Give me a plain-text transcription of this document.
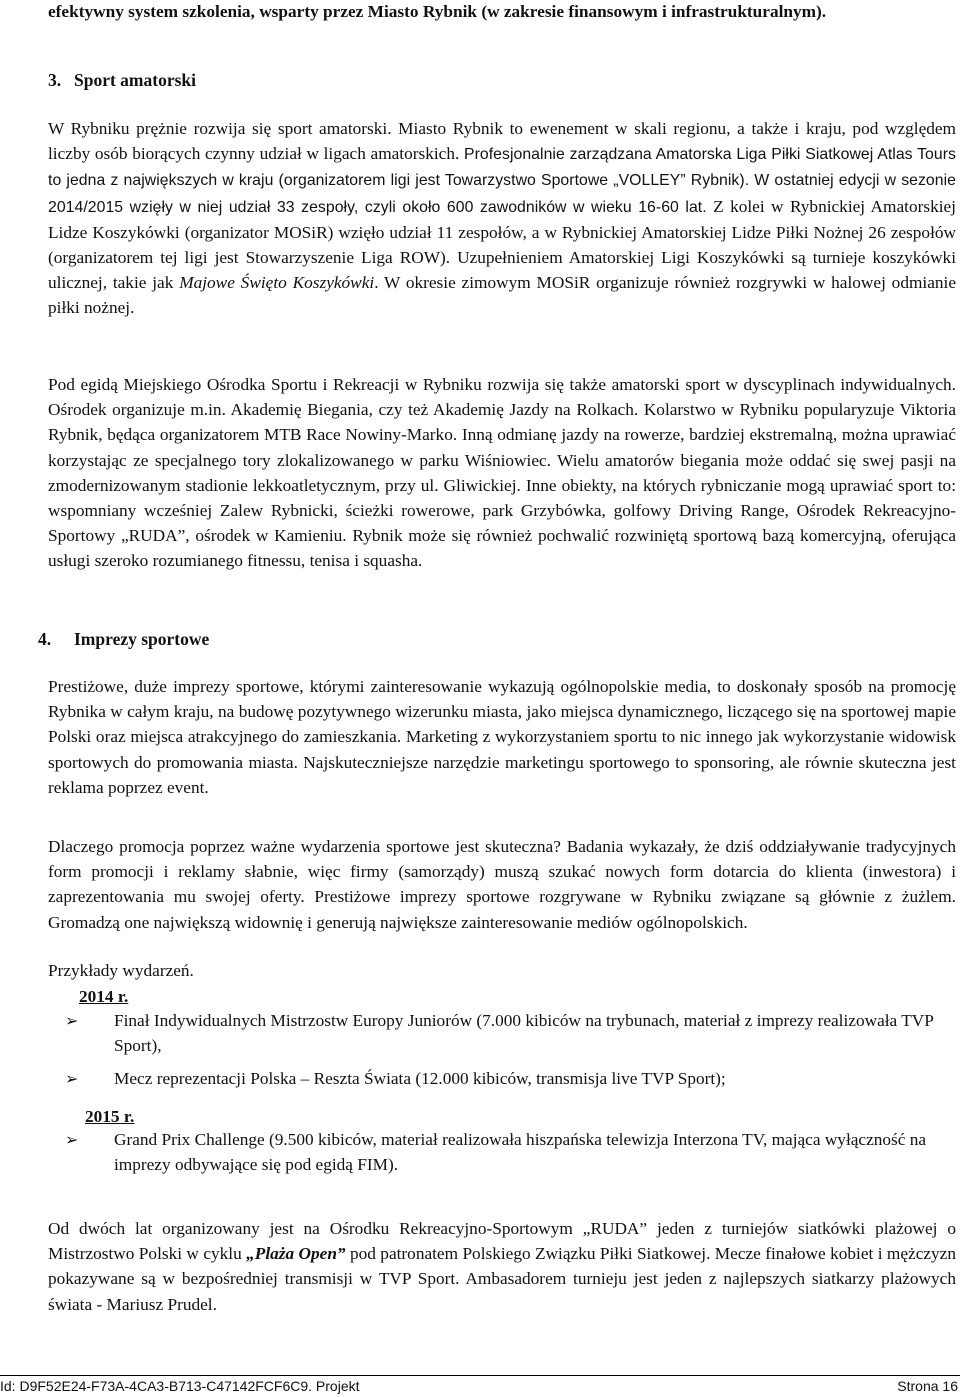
efektywny system szkolenia, wsparty przez Miasto Rybnik (w zakresie finansowym i infrastrukturalnym).

3. Sport amatorski

W Rybniku prężnie rozwija się sport amatorski. Miasto Rybnik to ewenement w skali regionu, a także i kraju, pod względem liczby osób biorących czynny udział w ligach amatorskich. Profesjonalnie zarządzana Amatorska Liga Piłki Siatkowej Atlas Tours to jedna z największych w kraju (organizatorem ligi jest Towarzystwo Sportowe „VOLLEY” Rybnik). W ostatniej edycji w sezonie 2014/2015 wzięły w niej udział 33 zespoły, czyli około 600 zawodników w wieku 16-60 lat. Z kolei w Rybnickiej Amatorskiej Lidze Koszykówki (organizator MOSiR) wzięło udział 11 zespołów, a w Rybnickiej Amatorskiej Lidze Piłki Nożnej 26 zespołów (organizatorem tej ligi jest Stowarzyszenie Liga ROW). Uzupełnieniem Amatorskiej Ligi Koszykówki są turnieje koszykówki ulicznej, takie jak Majowe Święto Koszykówki. W okresie zimowym MOSiR organizuje również rozgrywki w halowej odmianie piłki nożnej.

Pod egidą Miejskiego Ośrodka Sportu i Rekreacji w Rybniku rozwija się także amatorski sport w dyscyplinach indywidualnych. Ośrodek organizuje m.in. Akademię Biegania, czy też Akademię Jazdy na Rolkach. Kolarstwo w Rybniku popularyzuje Viktoria Rybnik, będąca organizatorem MTB Race Nowiny-Marko. Inną odmianę jazdy na rowerze, bardziej ekstremalną, można uprawiać korzystając ze specjalnego tory zlokalizowanego w parku Wiśniowiec. Wielu amatorów biegania może oddać się swej pasji na zmodernizowanym stadionie lekkoatletycznym, przy ul. Gliwickiej. Inne obiekty, na których rybniczanie mogą uprawiać sport to: wspomniany wcześniej Zalew Rybnicki, ścieżki rowerowe, park Grzybówka, golfowy Driving Range, Ośrodek Rekreacyjno-Sportowy „RUDA”, ośrodek w Kamieniu. Rybnik może się również pochwalić rozwiniętą sportową bazą komercyjną, oferująca usługi szeroko rozumianego fitnessu, tenisa i squasha.

4. Imprezy sportowe

Prestiżowe, duże imprezy sportowe, którymi zainteresowanie wykazują ogólnopolskie media, to doskonały sposób na promocję Rybnika w całym kraju, na budowę pozytywnego wizerunku miasta, jako miejsca dynamicznego, liczącego się na sportowej mapie Polski oraz miejsca atrakcyjnego do zamieszkania. Marketing z wykorzystaniem sportu to nic innego jak wykorzystanie widowisk sportowych do promowania miasta. Najskuteczniejsze narzędzie marketingu sportowego to sponsoring, ale równie skuteczna jest reklama poprzez event.

Dlaczego promocja poprzez ważne wydarzenia sportowe jest skuteczna? Badania wykazały, że dziś oddziaływanie tradycyjnych form promocji i reklamy słabnie, więc firmy (samorządy) muszą szukać nowych form dotarcia do klienta (inwestora) i zaprezentowania mu swojej oferty. Prestiżowe imprezy sportowe rozgrywane w Rybniku związane są głównie z żużlem. Gromadzą one największą widownię i generują największe zainteresowanie mediów ogólnopolskich.

Przykłady wydarzeń.
2014 r.
➢ Finał Indywidualnych Mistrzostw Europy Juniorów (7.000 kibiców na trybunach, materiał z imprezy realizowała TVP Sport),
➢ Mecz reprezentacji Polska – Reszta Świata (12.000 kibiców, transmisja live TVP Sport);
2015 r.
➢ Grand Prix Challenge (9.500 kibiców, materiał realizowała hiszpańska telewizja Interzona TV, mająca wyłączność na imprezy odbywające się pod egidą FIM).

Od dwóch lat organizowany jest na Ośrodku Rekreacyjno-Sportowym „RUDA” jeden z turniejów siatkówki plażowej o Mistrzostwo Polski w cyklu „Plaża Open” pod patronatem Polskiego Związku Piłki Siatkowej. Mecze finałowe kobiet i mężczyzn pokazywane są w bezpośredniej transmisji w TVP Sport. Ambasadorem turnieju jest jeden z najlepszych siatkarzy plażowych świata - Mariusz Prudel.

Id: D9F52E24-F73A-4CA3-B713-C47142FCF6C9. Projekt	Strona 16
